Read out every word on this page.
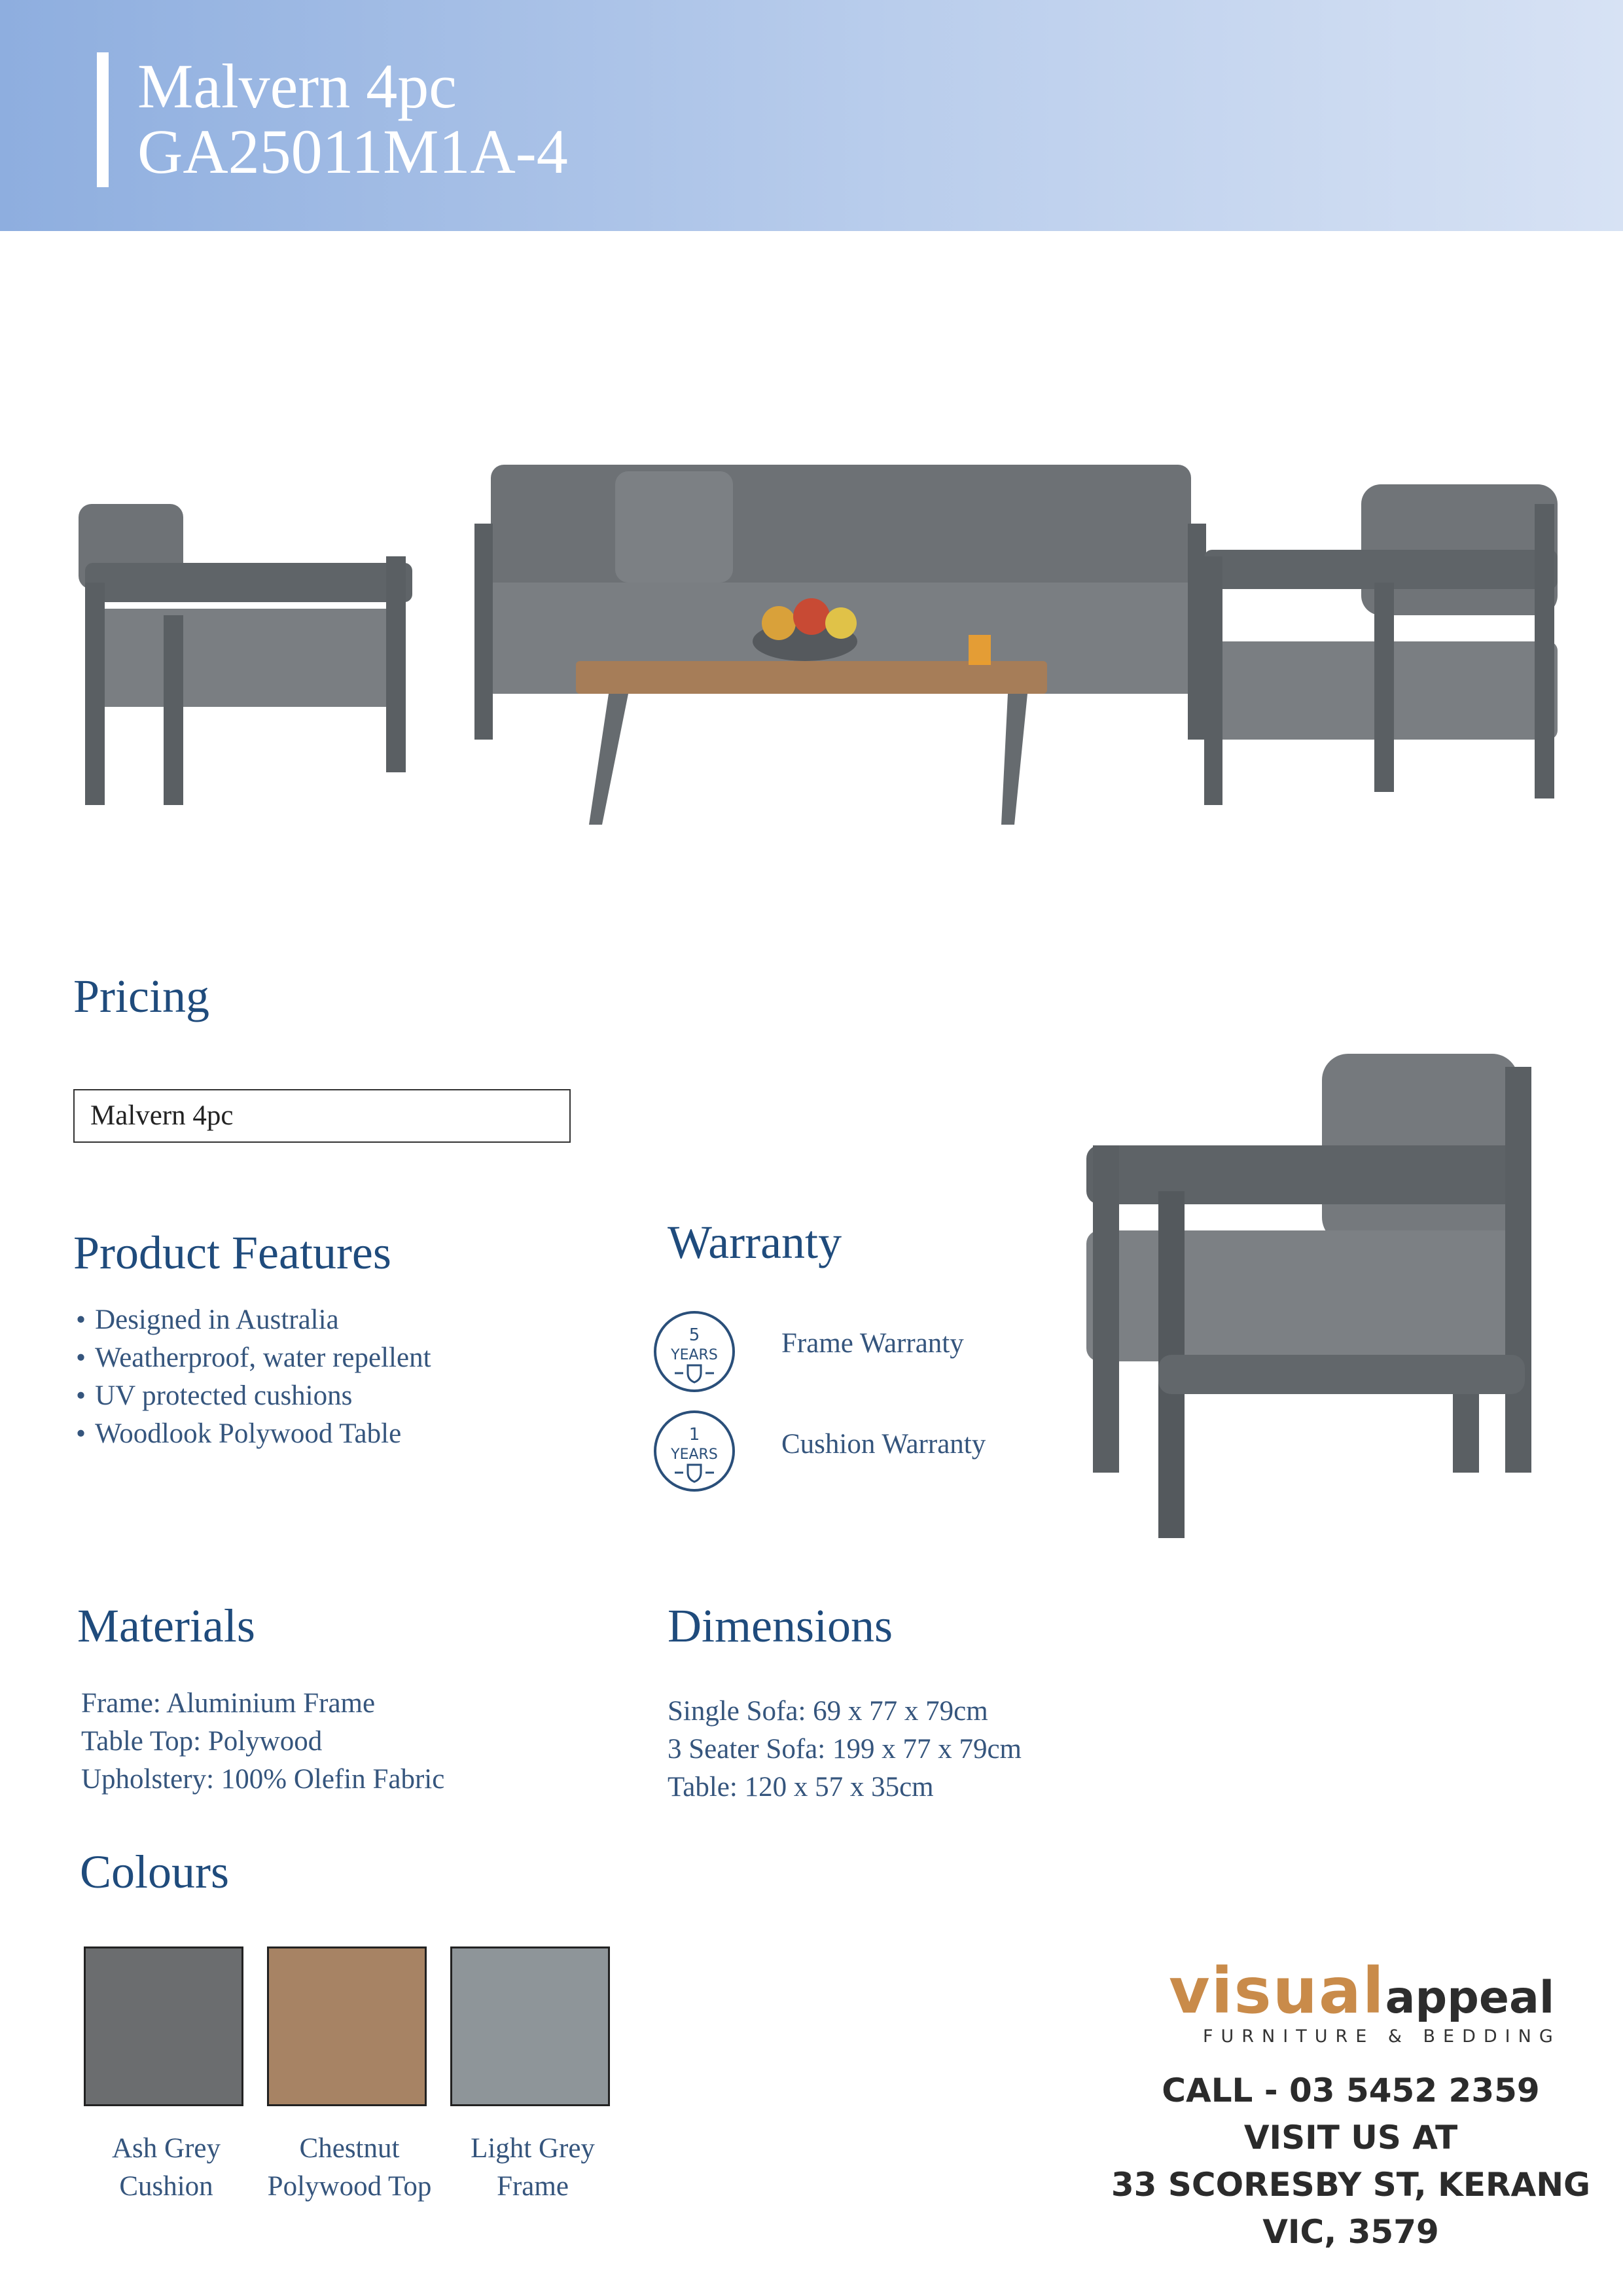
Malvern 4pc
GA25011M1A-4
Pricing
Malvern 4pc
Product Features
• Designed in Australia
• Weatherproof, water repellent
• UV protected cushions
• Woodlook Polywood Table
Warranty
5
YEARS Frame Warranty
1
YEARS Cushion Warranty
Materials
Frame: Aluminium Frame
Table Top: Polywood
Upholstery: 100% Olefin Fabric
Dimensions
Single Sofa: 69 x 77 x 79cm
3 Seater Sofa: 199 x 77 x 79cm
Table: 120 x 57 x 35cm
Colours
Ash Grey
Cushion
Chestnut
Polywood Top
Light Grey
Frame
visualappeal
FURNITURE & BEDDING
CALL - 03 5452 2359
VISIT US AT
33 SCORESBY ST, KERANG
VIC, 3579
